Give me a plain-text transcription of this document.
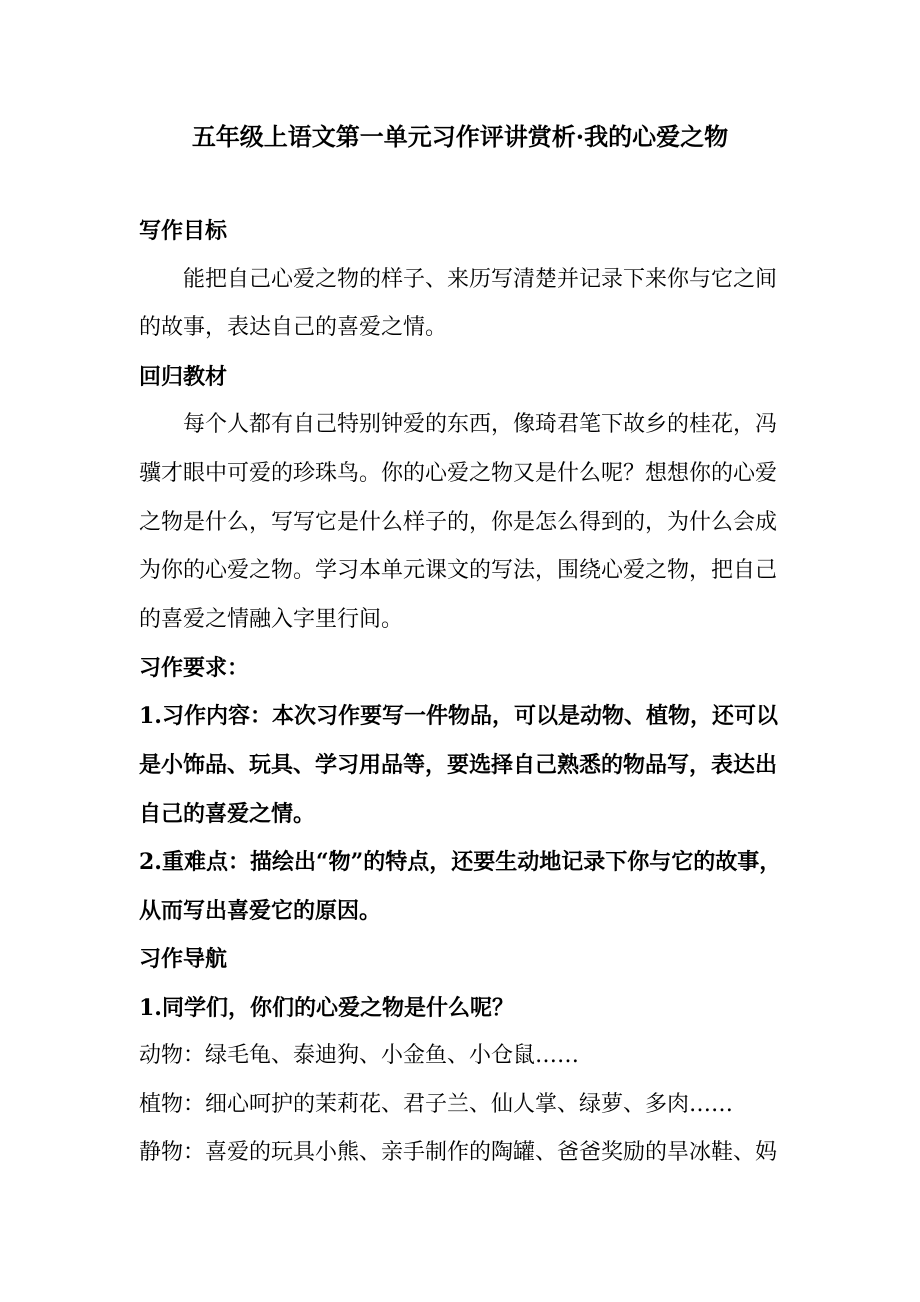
五年级上语文第一单元习作评讲赏析·我的心爱之物
写作目标
能把自己心爱之物的样子、来历写清楚并记录下来你与它之间
的故事，表达自己的喜爱之情。
回归教材
每个人都有自己特别钟爱的东西，像琦君笔下故乡的桂花，冯
骥才眼中可爱的珍珠鸟。你的心爱之物又是什么呢？想想你的心爱
之物是什么，写写它是什么样子的，你是怎么得到的，为什么会成
为你的心爱之物。学习本单元课文的写法，围绕心爱之物，把自己
的喜爱之情融入字里行间。
习作要求：
1.习作内容：本次习作要写一件物品，可以是动物、植物，还可以
是小饰品、玩具、学习用品等，要选择自己熟悉的物品写，表达出
自己的喜爱之情。
2.重难点：描绘出“物”的特点，还要生动地记录下你与它的故事，
从而写出喜爱它的原因。
习作导航
1.同学们，你们的心爱之物是什么呢？
动物：绿毛龟、泰迪狗、小金鱼、小仓鼠……
植物：细心呵护的茉莉花、君子兰、仙人掌、绿萝、多肉……
静物：喜爱的玩具小熊、亲手制作的陶罐、爸爸奖励的旱冰鞋、妈
